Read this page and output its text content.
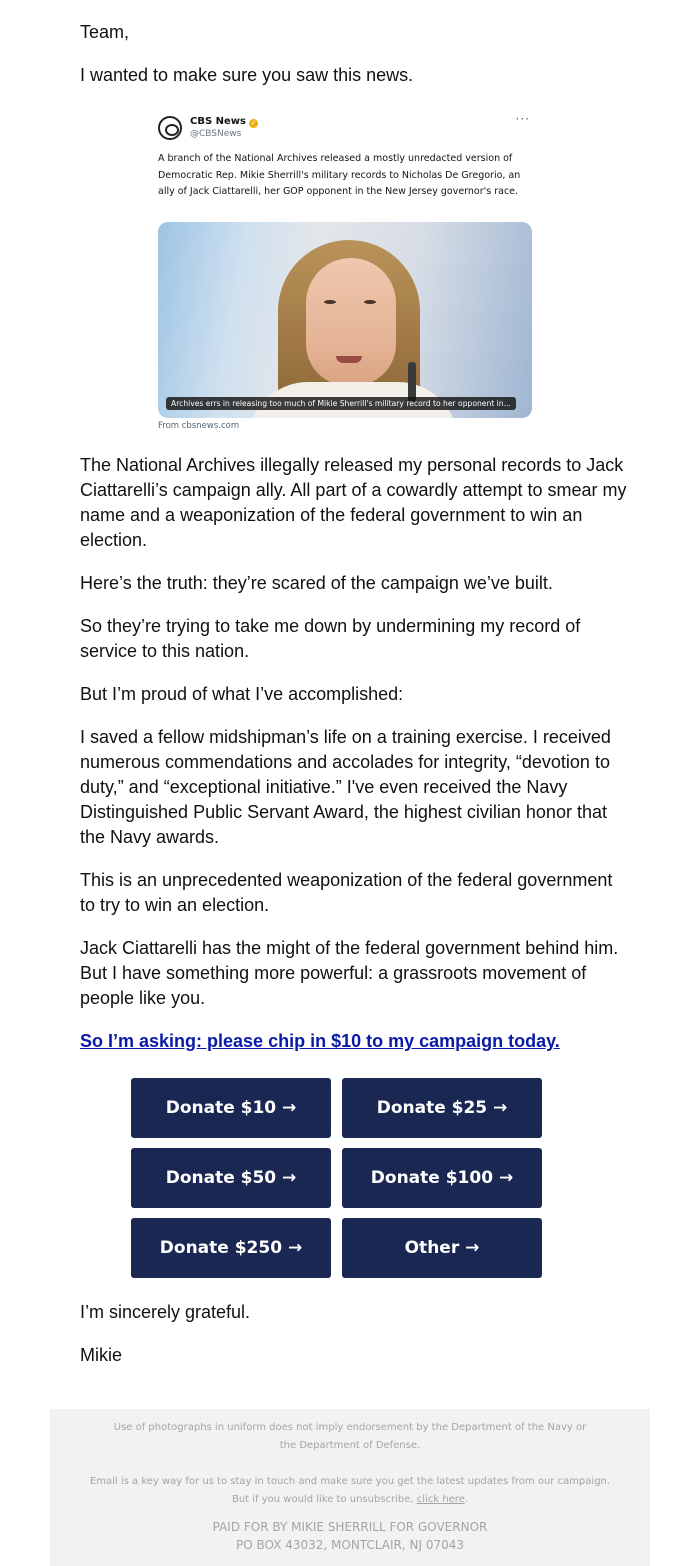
Team,

I wanted to make sure you saw this news.

CBS News ✓
@CBSNews
···
A branch of the National Archives released a mostly unredacted version of Democratic Rep. Mikie Sherrill's military records to Nicholas De Gregorio, an ally of Jack Ciattarelli, her GOP opponent in the New Jersey governor's race.
Archives errs in releasing too much of Mikie Sherrill's military record to her opponent in...
From cbsnews.com

The National Archives illegally released my personal records to Jack Ciattarelli’s campaign ally. All part of a cowardly attempt to smear my name and a weaponization of the federal government to win an election.

Here’s the truth: they’re scared of the campaign we’ve built.

So they’re trying to take me down by undermining my record of service to this nation.

But I’m proud of what I’ve accomplished:

I saved a fellow midshipman’s life on a training exercise. I received numerous commendations and accolades for integrity, “devotion to duty,” and “exceptional initiative.” I've even received the Navy Distinguished Public Servant Award, the highest civilian honor that the Navy awards.

This is an unprecedented weaponization of the federal government to try to win an election.

Jack Ciattarelli has the might of the federal government behind him. But I have something more powerful: a grassroots movement of people like you.

So I’m asking: please chip in $10 to my campaign today.

Donate $10 →	Donate $25 →
Donate $50 →	Donate $100 →
Donate $250 →	Other →

I’m sincerely grateful.

Mikie

Use of photographs in uniform does not imply endorsement by the Department of the Navy or the Department of Defense.
Email is a key way for us to stay in touch and make sure you get the latest updates from our campaign.
But if you would like to unsubscribe, click here.
PAID FOR BY MIKIE SHERRILL FOR GOVERNOR
PO BOX 43032, MONTCLAIR, NJ 07043
